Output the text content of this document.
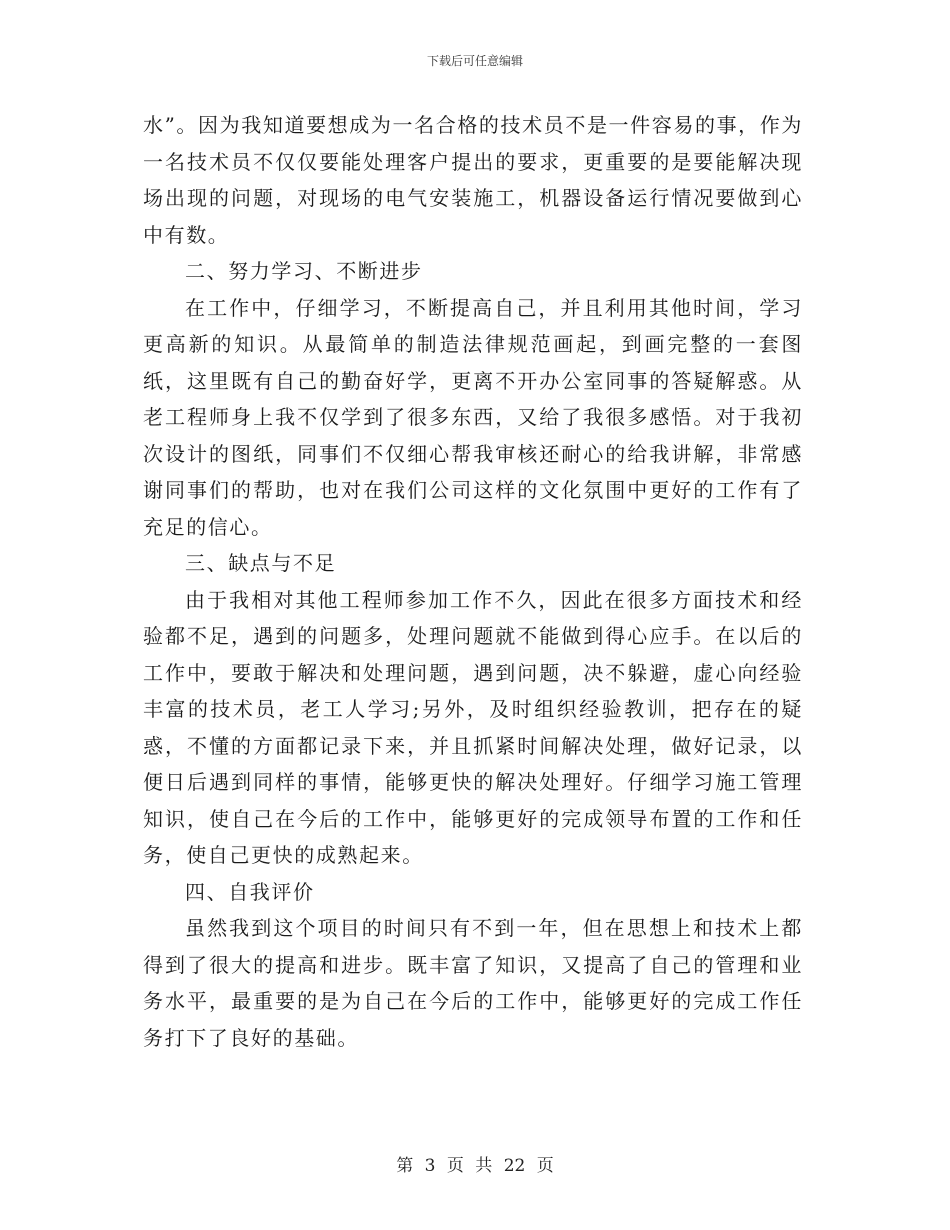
下载后可任意编辑

水”。因为我知道要想成为一名合格的技术员不是一件容易的事，作为一名技术员不仅仅要能处理客户提出的要求，更重要的是要能解决现场出现的问题，对现场的电气安装施工，机器设备运行情况要做到心中有数。

二、努力学习、不断进步

在工作中，仔细学习，不断提高自己，并且利用其他时间，学习更高新的知识。从最简单的制造法律规范画起，到画完整的一套图纸，这里既有自己的勤奋好学，更离不开办公室同事的答疑解惑。从老工程师身上我不仅学到了很多东西，又给了我很多感悟。对于我初次设计的图纸，同事们不仅细心帮我审核还耐心的给我讲解，非常感谢同事们的帮助，也对在我们公司这样的文化氛围中更好的工作有了充足的信心。

三、缺点与不足

由于我相对其他工程师参加工作不久，因此在很多方面技术和经验都不足，遇到的问题多，处理问题就不能做到得心应手。在以后的工作中，要敢于解决和处理问题，遇到问题，决不躲避，虚心向经验丰富的技术员，老工人学习;另外，及时组织经验教训，把存在的疑惑，不懂的方面都记录下来，并且抓紧时间解决处理，做好记录，以便日后遇到同样的事情，能够更快的解决处理好。仔细学习施工管理知识，使自己在今后的工作中，能够更好的完成领导布置的工作和任务，使自己更快的成熟起来。

四、自我评价

虽然我到这个项目的时间只有不到一年，但在思想上和技术上都得到了很大的提高和进步。既丰富了知识，又提高了自己的管理和业务水平，最重要的是为自己在今后的工作中，能够更好的完成工作任务打下了良好的基础。

第 3 页 共 22 页
